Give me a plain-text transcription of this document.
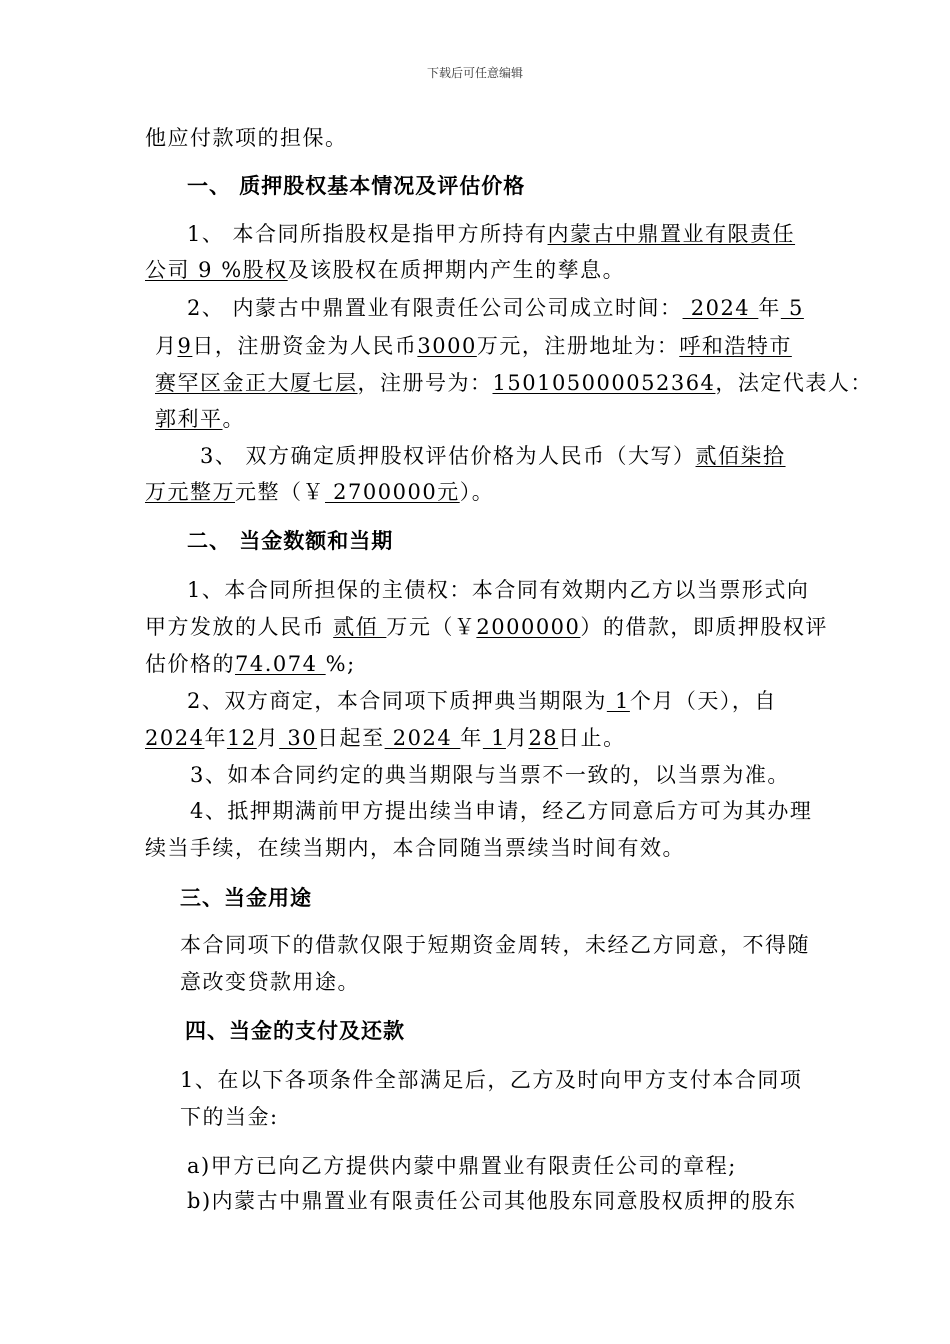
下载后可任意编辑
他应付款项的担保。
一、 质押股权基本情况及评估价格
1、 本合同所指股权是指甲方所持有内蒙古中鼎置业有限责任
公司 9 %股权及该股权在质押期内产生的孳息。
2、 内蒙古中鼎置业有限责任公司公司成立时间： 2024 年 5
月9日，注册资金为人民币3000万元，注册地址为：呼和浩特市
赛罕区金正大厦七层，注册号为：150105000052364，法定代表人：
郭利平。
3、 双方确定质押股权评估价格为人民币（大写）贰佰柒拾
万元整万元整（￥ 2700000元）。
二、 当金数额和当期
1、本合同所担保的主债权：本合同有效期内乙方以当票形式向
甲方发放的人民币 贰佰 万元（￥2000000）的借款，即质押股权评
估价格的74.074 %;
2、双方商定，本合同项下质押典当期限为 1个月（天），自
2024年12月 30日起至 2024 年 1月28日止。
3、如本合同约定的典当期限与当票不一致的，以当票为准。
4、抵押期满前甲方提出续当申请，经乙方同意后方可为其办理
续当手续，在续当期内，本合同随当票续当时间有效。
三、当金用途
本合同项下的借款仅限于短期资金周转，未经乙方同意，不得随
意改变贷款用途。
四、当金的支付及还款
1、在以下各项条件全部满足后，乙方及时向甲方支付本合同项
下的当金:
a)甲方已向乙方提供内蒙中鼎置业有限责任公司的章程;
b)内蒙古中鼎置业有限责任公司其他股东同意股权质押的股东
